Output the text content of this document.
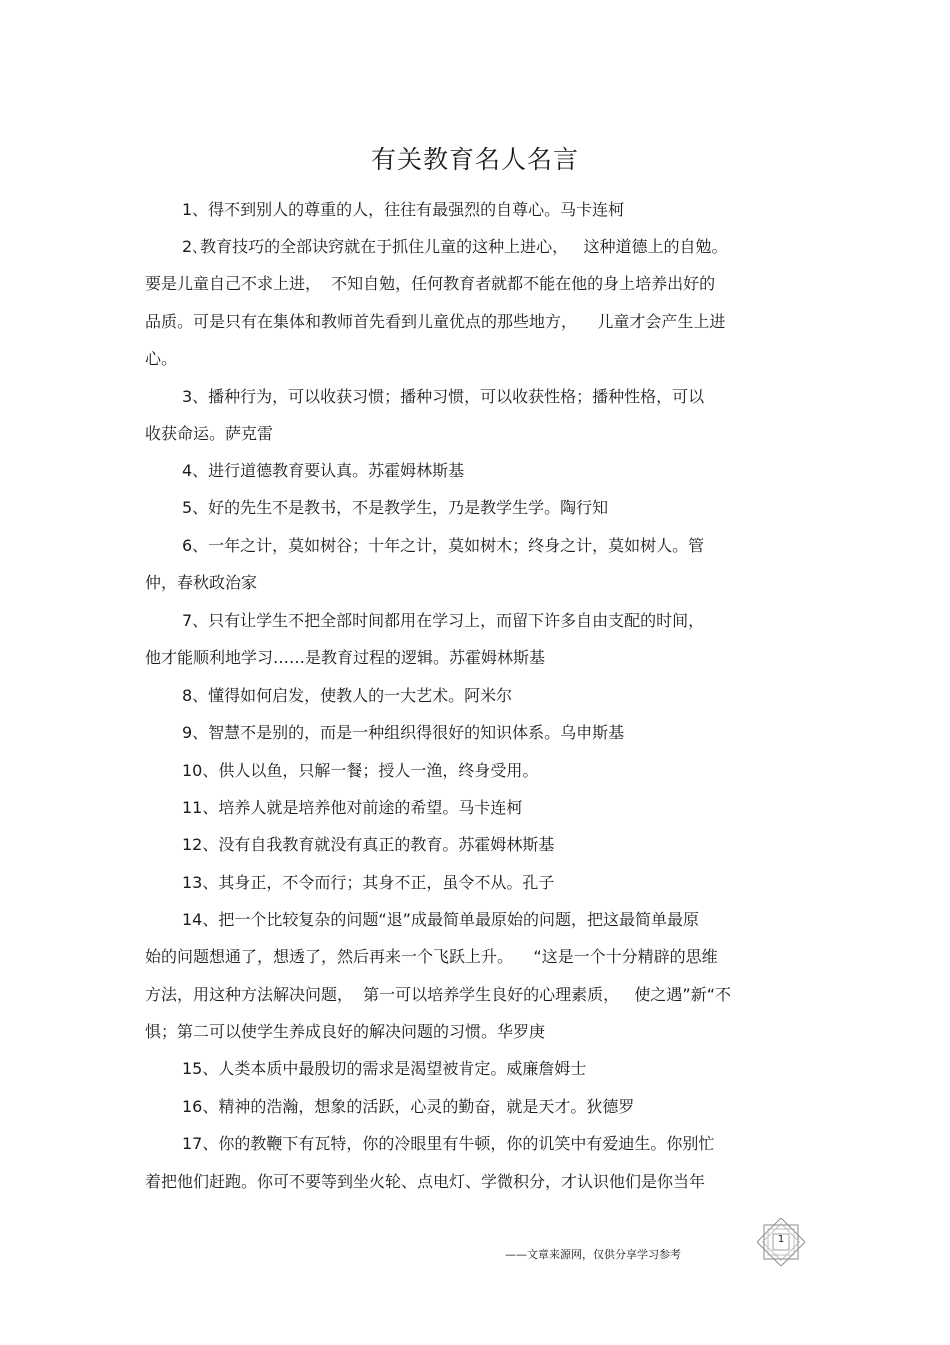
有关教育名人名言
1、得不到别人的尊重的人，往往有最强烈的自尊心。马卡连柯
2､教育技巧的全部诀窍就在于抓住儿童的这种上进心，   这种道德上的自勉。
要是儿童自己不求上进，  不知自勉，任何教育者就都不能在他的身上培养出好的
品质。可是只有在集体和教师首先看到儿童优点的那些地方，    儿童才会产生上进
心。
3、播种行为，可以收获习惯；播种习惯，可以收获性格；播种性格，可以
收获命运。萨克雷
4、进行道德教育要认真。苏霍姆林斯基
5、好的先生不是教书，不是教学生，乃是教学生学。陶行知
6、一年之计，莫如树谷；十年之计，莫如树木；终身之计，莫如树人。管
仲，春秋政治家
7、只有让学生不把全部时间都用在学习上，而留下许多自由支配的时间，
他才能顺利地学习……是教育过程的逻辑。苏霍姆林斯基
8、懂得如何启发，使教人的一大艺术。阿米尔
9、智慧不是别的，而是一种组织得很好的知识体系。乌申斯基
10、供人以鱼，只解一餐；授人一渔，终身受用。
11、培养人就是培养他对前途的希望。马卡连柯
12、没有自我教育就没有真正的教育。苏霍姆林斯基
13、其身正，不令而行；其身不正，虽令不从。孔子
14、把一个比较复杂的问题“退”成最简单最原始的问题，把这最简单最原
始的问题想通了，想透了，然后再来一个飞跃上升。    “这是一个十分精辟的思维
方法，用这种方法解决问题，  第一可以培养学生良好的心理素质，   使之遇”新“不
惧；第二可以使学生养成良好的解决问题的习惯。华罗庚
15、人类本质中最殷切的需求是渴望被肯定。威廉詹姆士
16、精神的浩瀚，想象的活跃，心灵的勤奋，就是天才。狄德罗
17、你的教鞭下有瓦特，你的冷眼里有牛顿，你的讥笑中有爱迪生。你别忙
着把他们赶跑。你可不要等到坐火轮、点电灯、学微积分，才认识他们是你当年
——文章来源网，仅供分享学习参考
1
